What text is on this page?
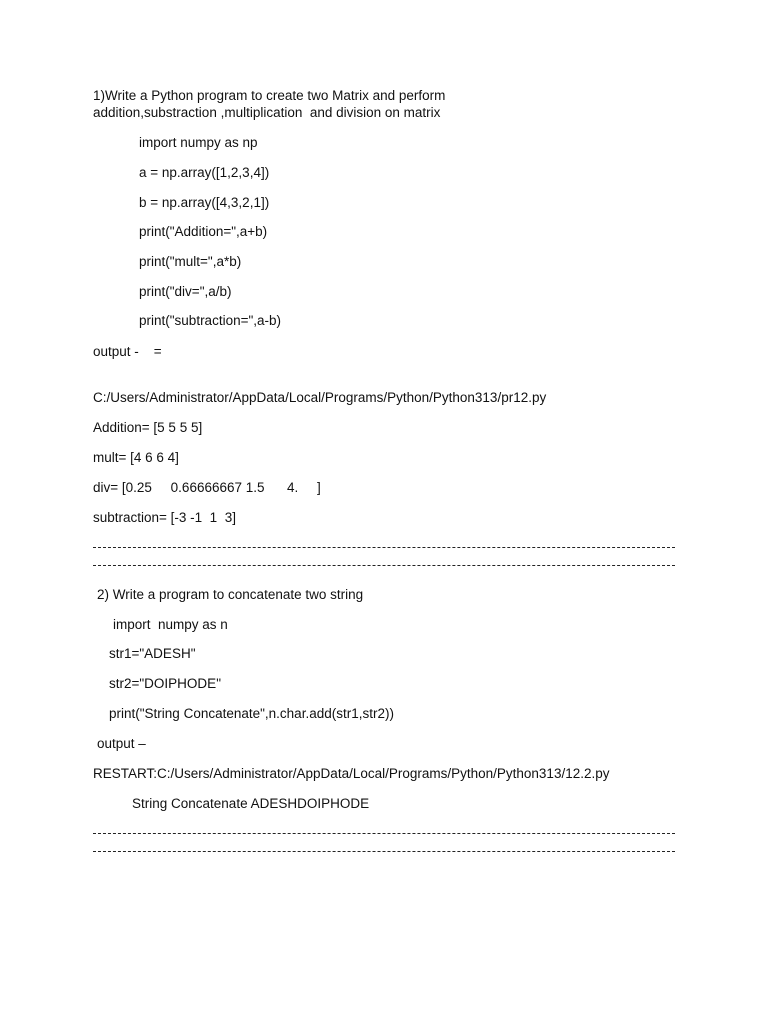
1)Write a Python program to create two Matrix and perform
addition,substraction ,multiplication  and division on matrix
import numpy as np
a = np.array([1,2,3,4])
b = np.array([4,3,2,1])
print("Addition=",a+b)
print("mult=",a*b)
print("div=",a/b)
print("subtraction=",a-b)
output -    =
C:/Users/Administrator/AppData/Local/Programs/Python/Python313/pr12.py
Addition= [5 5 5 5]
mult= [4 6 6 4]
div= [0.25     0.66666667 1.5      4.     ]
subtraction= [-3 -1  1  3]
2) Write a program to concatenate two string
import  numpy as n
str1="ADESH"
str2="DOIPHODE"
print("String Concatenate",n.char.add(str1,str2))
output –
RESTART:C:/Users/Administrator/AppData/Local/Programs/Python/Python313/12.2.py
String Concatenate ADESHDOIPHODE
